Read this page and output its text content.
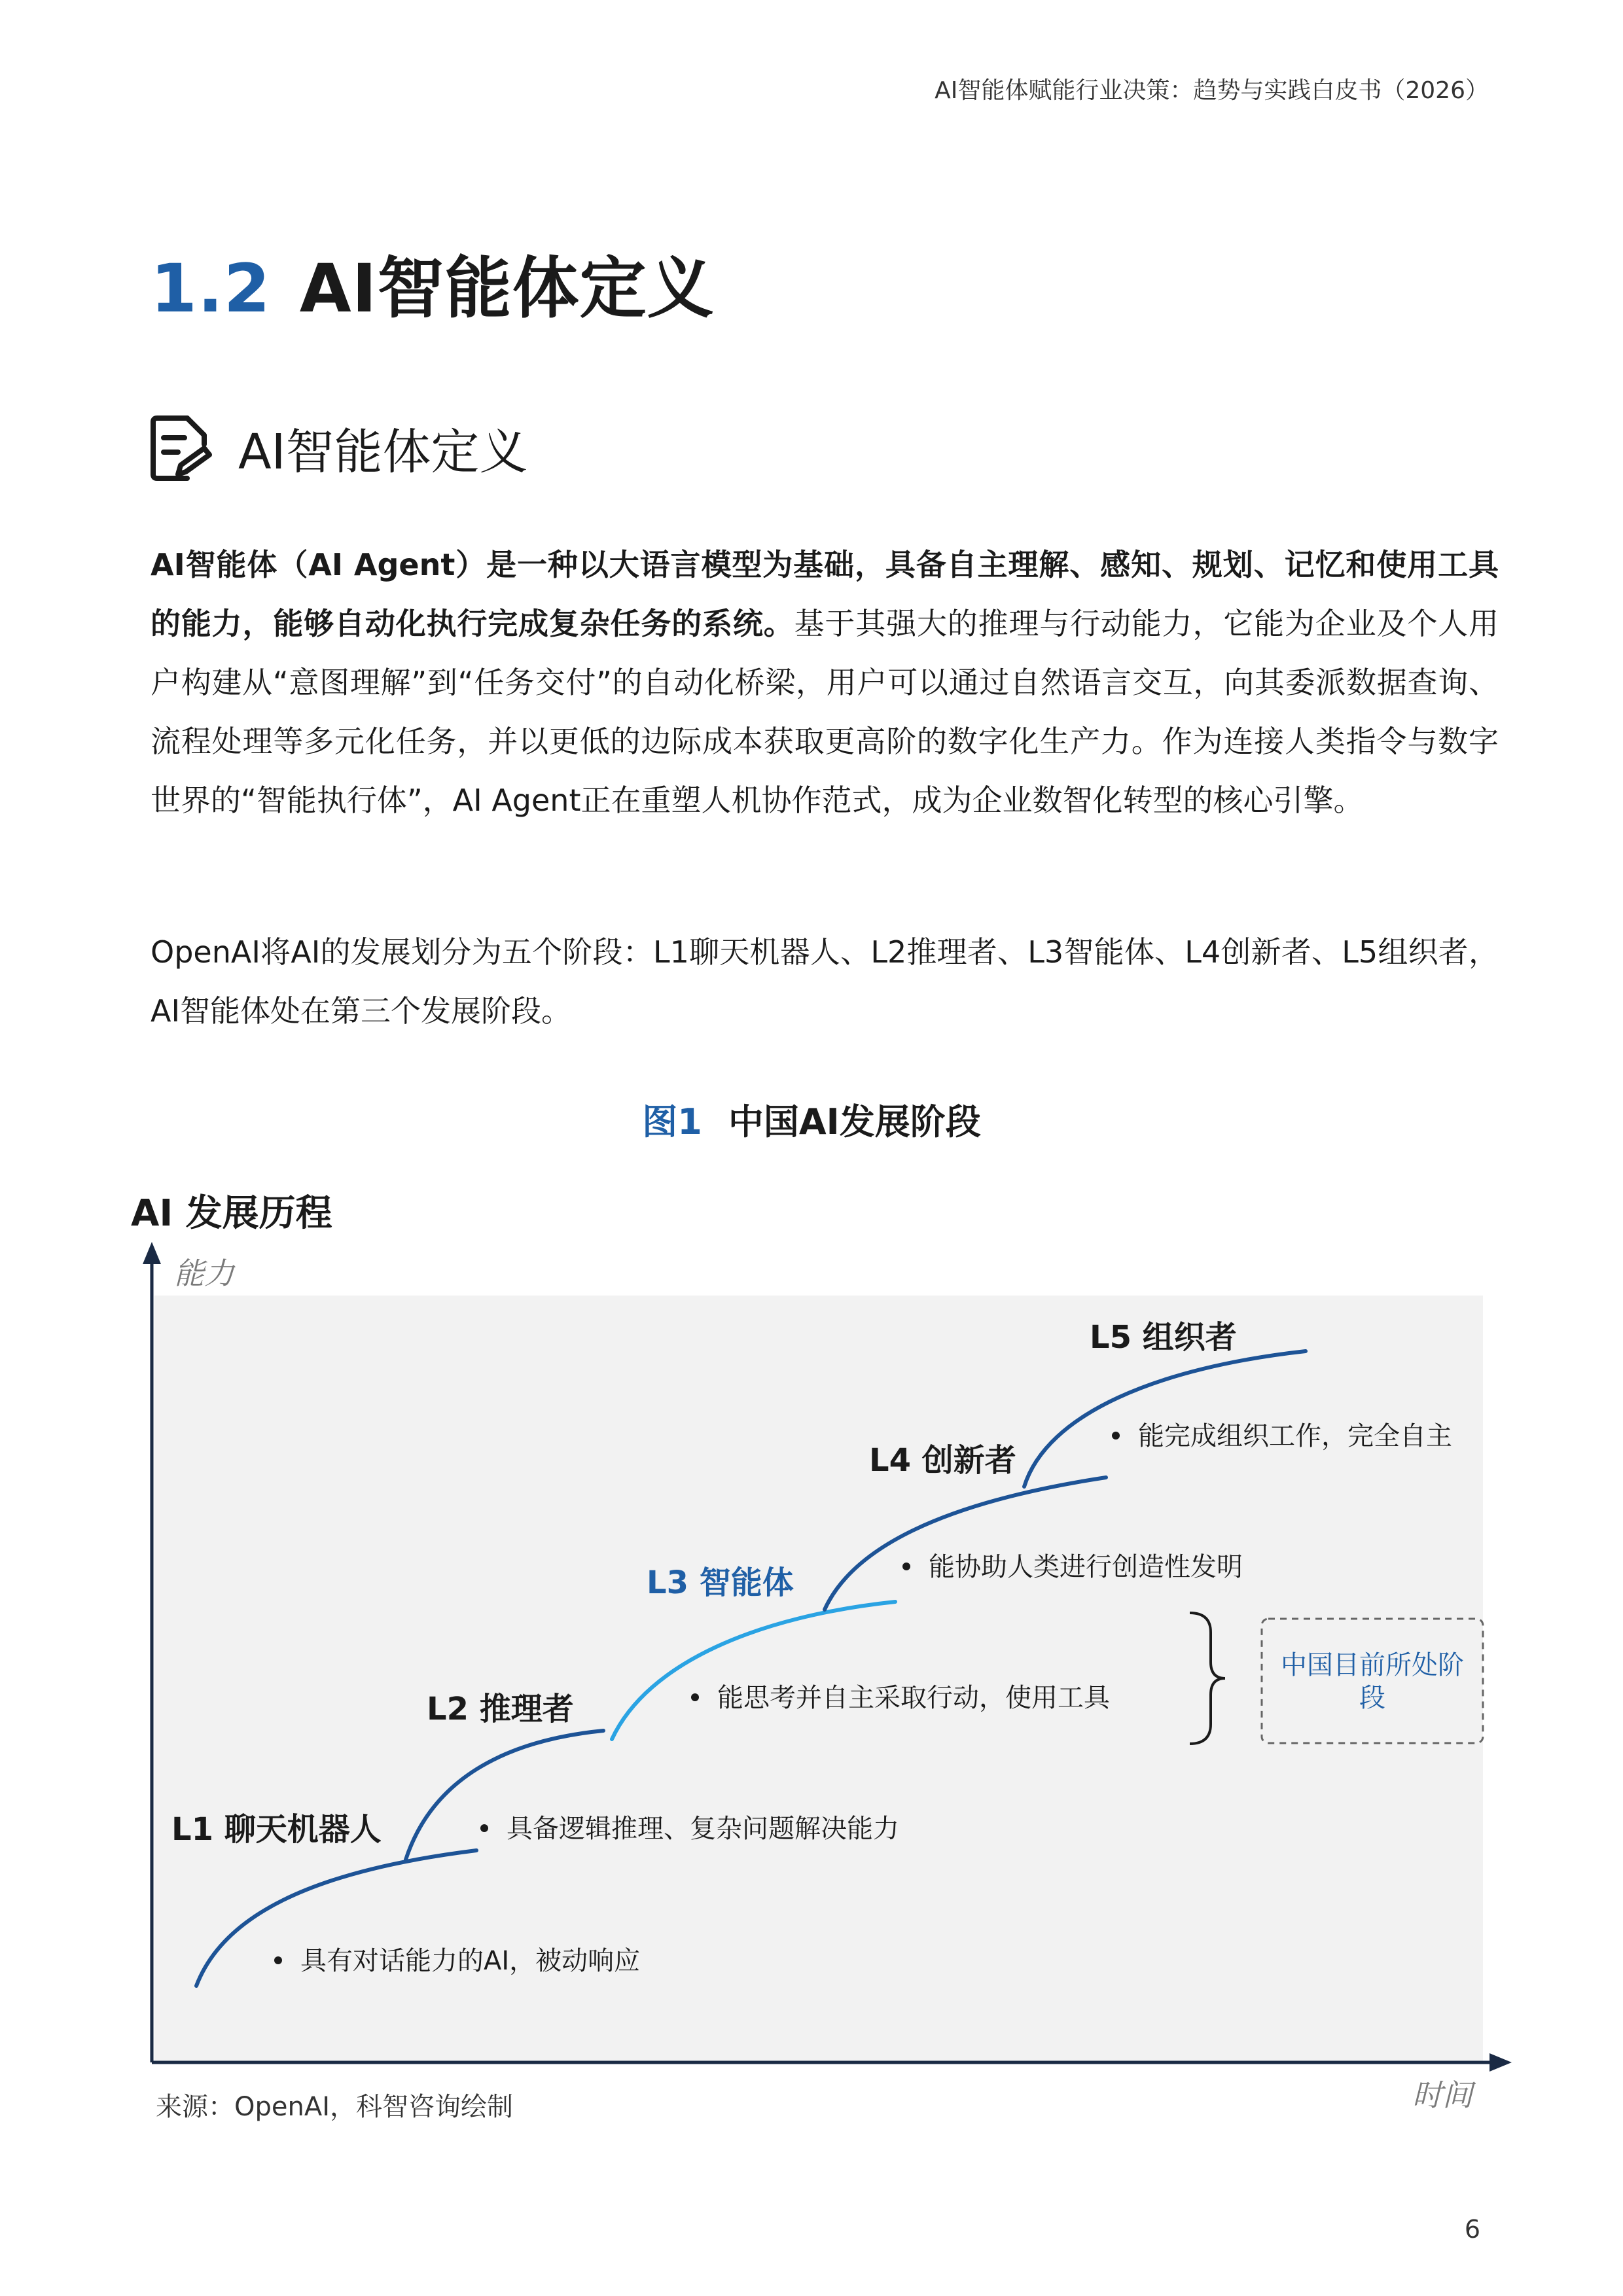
AI智能体赋能行业决策：趋势与实践白皮书（2026）
1.2 AI智能体定义
AI智能体定义
AI智能体（AI Agent）是一种以大语言模型为基础，具备自主理解、感知、规划、记忆和使用工具的能力，能够自动化执行完成复杂任务的系统。基于其强大的推理与行动能力，它能为企业及个人用户构建从“意图理解”到“任务交付”的自动化桥梁，用户可以通过自然语言交互，向其委派数据查询、流程处理等多元化任务，并以更低的边际成本获取更高阶的数字化生产力。作为连接人类指令与数字世界的“智能执行体”，AI Agent正在重塑人机协作范式，成为企业数智化转型的核心引擎。
OpenAI将AI的发展划分为五个阶段：L1聊天机器人、L2推理者、L3智能体、L4创新者、L5组织者，AI智能体处在第三个发展阶段。
图1 中国AI发展阶段
AI 发展历程
能力
时间
L1 聊天机器人
具有对话能力的AI，被动响应
L2 推理者
具备逻辑推理、复杂问题解决能力
L3 智能体
能思考并自主采取行动，使用工具
L4 创新者
能协助人类进行创造性发明
L5 组织者
能完成组织工作，完全自主
中国目前所处阶
段
来源：OpenAI，科智咨询绘制
6
